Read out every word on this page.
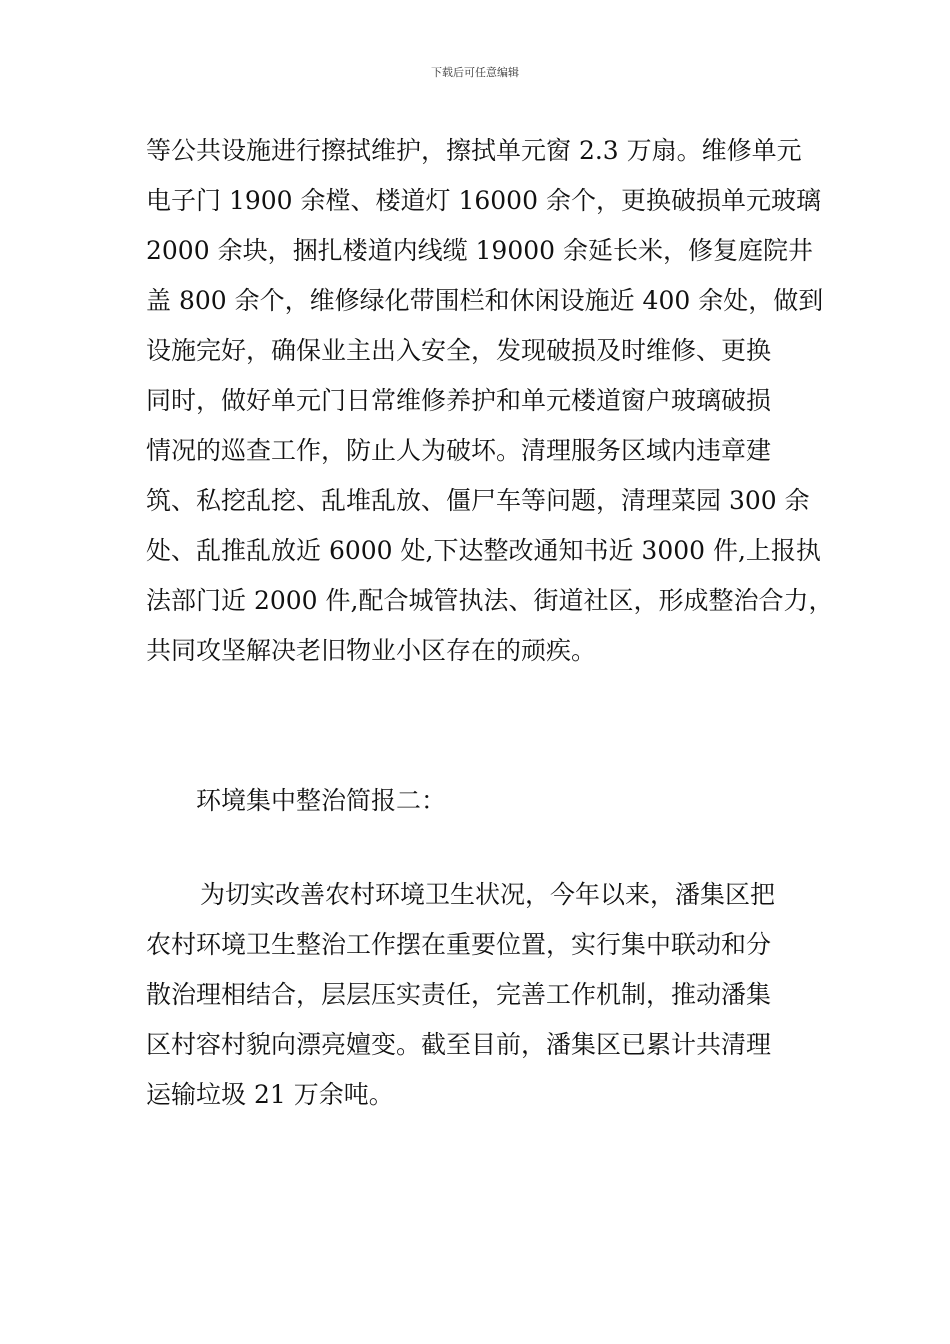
下载后可任意编辑
等公共设施进行擦拭维护，擦拭单元窗 2.3 万扇。维修单元
电子门 1900 余樘、楼道灯 16000 余个，更换破损单元玻璃
2000 余块，捆扎楼道内线缆 19000 余延长米，修复庭院井
盖 800 余个，维修绿化带围栏和休闲设施近 400 余处，做到
设施完好，确保业主出入安全，发现破损及时维修、更换
同时，做好单元门日常维修养护和单元楼道窗户玻璃破损
情况的巡查工作，防止人为破坏。清理服务区域内违章建
筑、私挖乱挖、乱堆乱放、僵尸车等问题，清理菜园 300 余
处、乱推乱放近 6000 处,下达整改通知书近 3000 件,上报执
法部门近 2000 件,配合城管执法、街道社区，形成整治合力，
共同攻坚解决老旧物业小区存在的顽疾。
环境集中整治简报二：
为切实改善农村环境卫生状况，今年以来，潘集区把
农村环境卫生整治工作摆在重要位置，实行集中联动和分
散治理相结合，层层压实责任，完善工作机制，推动潘集
区村容村貌向漂亮嬗变。截至目前，潘集区已累计共清理
运输垃圾 21 万余吨。
